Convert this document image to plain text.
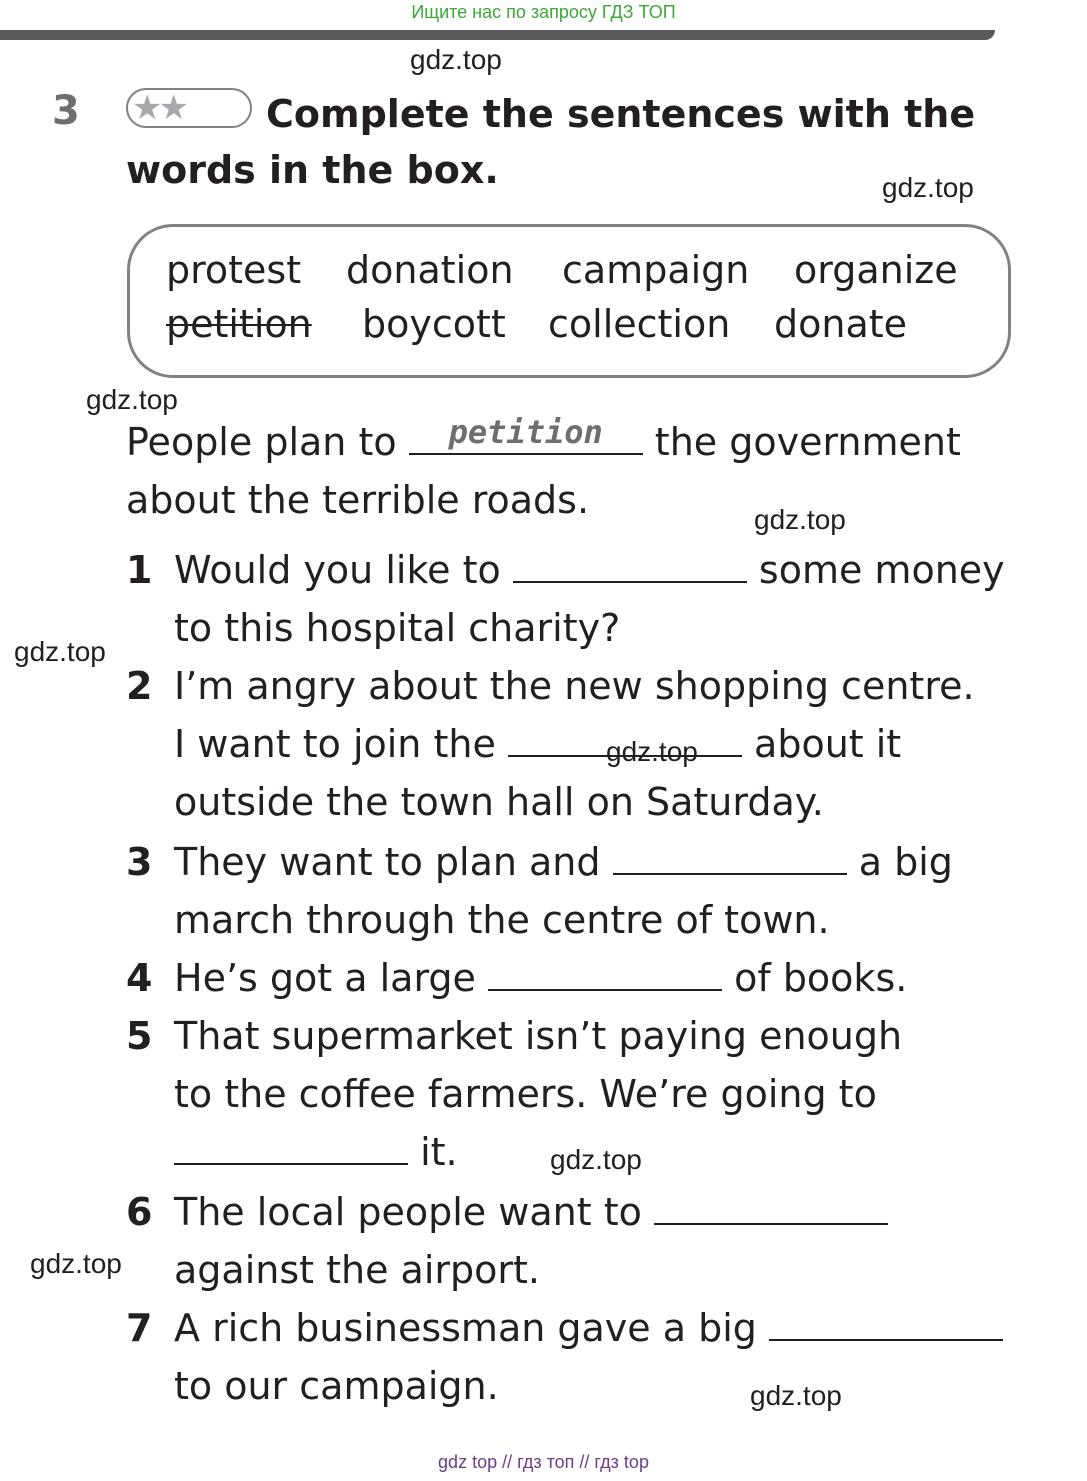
Ищите нас по запросу ГДЗ ТОП
gdz.top
gdz.top
gdz.top
gdz.top
gdz.top
gdz.top
gdz.top
gdz.top
3	Complete the sentences with the words in the box.
★★
protest donation campaign organize
petition boycott collection donate
People plan to	petition	the government
about the terrible roads.
1 Would you like to	some money
to this hospital charity?
2 I’m angry about the new shopping centre.
I want to join the	about it
gdz.top
outside the town hall on Saturday.
3 They want to plan and	a big
march through the centre of town.
4 He’s got a large	of books.
5 That supermarket isn’t paying enough
to the coffee farmers. We’re going to
it.
6 The local people want to
against the airport.
7 A rich businessman gave a big
to our campaign.
gdz top // гдз топ // гдз top
